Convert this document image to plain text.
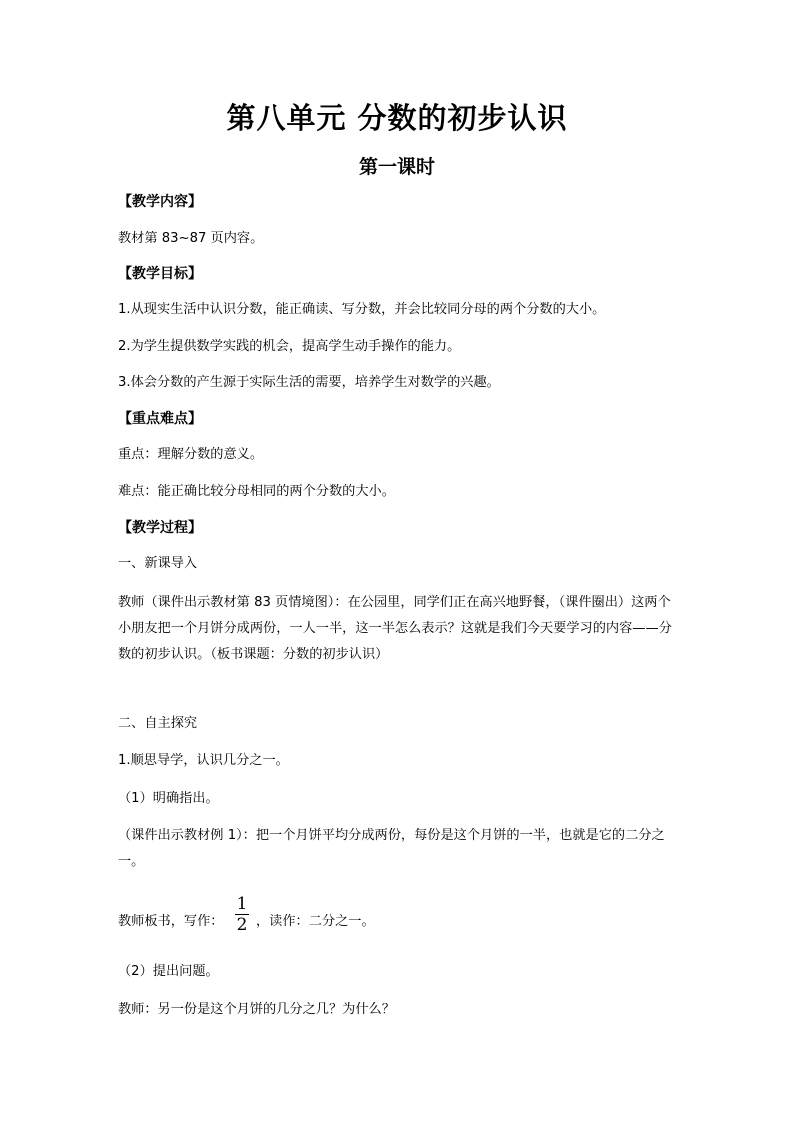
第八单元 分数的初步认识
第一课时

【教学内容】

教材第 83~87 页内容。

【教学目标】

1.从现实生活中认识分数，能正确读、写分数，并会比较同分母的两个分数的大小。

2.为学生提供数学实践的机会，提高学生动手操作的能力。

3.体会分数的产生源于实际生活的需要，培养学生对数学的兴趣。

【重点难点】

重点：理解分数的意义。

难点：能正确比较分母相同的两个分数的大小。

【教学过程】

一、新课导入

教师（课件出示教材第 83 页情境图）：在公园里，同学们正在高兴地野餐，（课件圈出）这两个小朋友把一个月饼分成两份，一人一半，这一半怎么表示？这就是我们今天要学习的内容——分数的初步认识。（板书课题：分数的初步认识）

二、自主探究

1.顺思导学，认识几分之一。

（1）明确指出。

（课件出示教材例 1）：把一个月饼平均分成两份，每份是这个月饼的一半，也就是它的二分之一。

教师板书，写作：

1
2 ，读作：二分之一。

（2）提出问题。

教师：另一份是这个月饼的几分之几？为什么？
